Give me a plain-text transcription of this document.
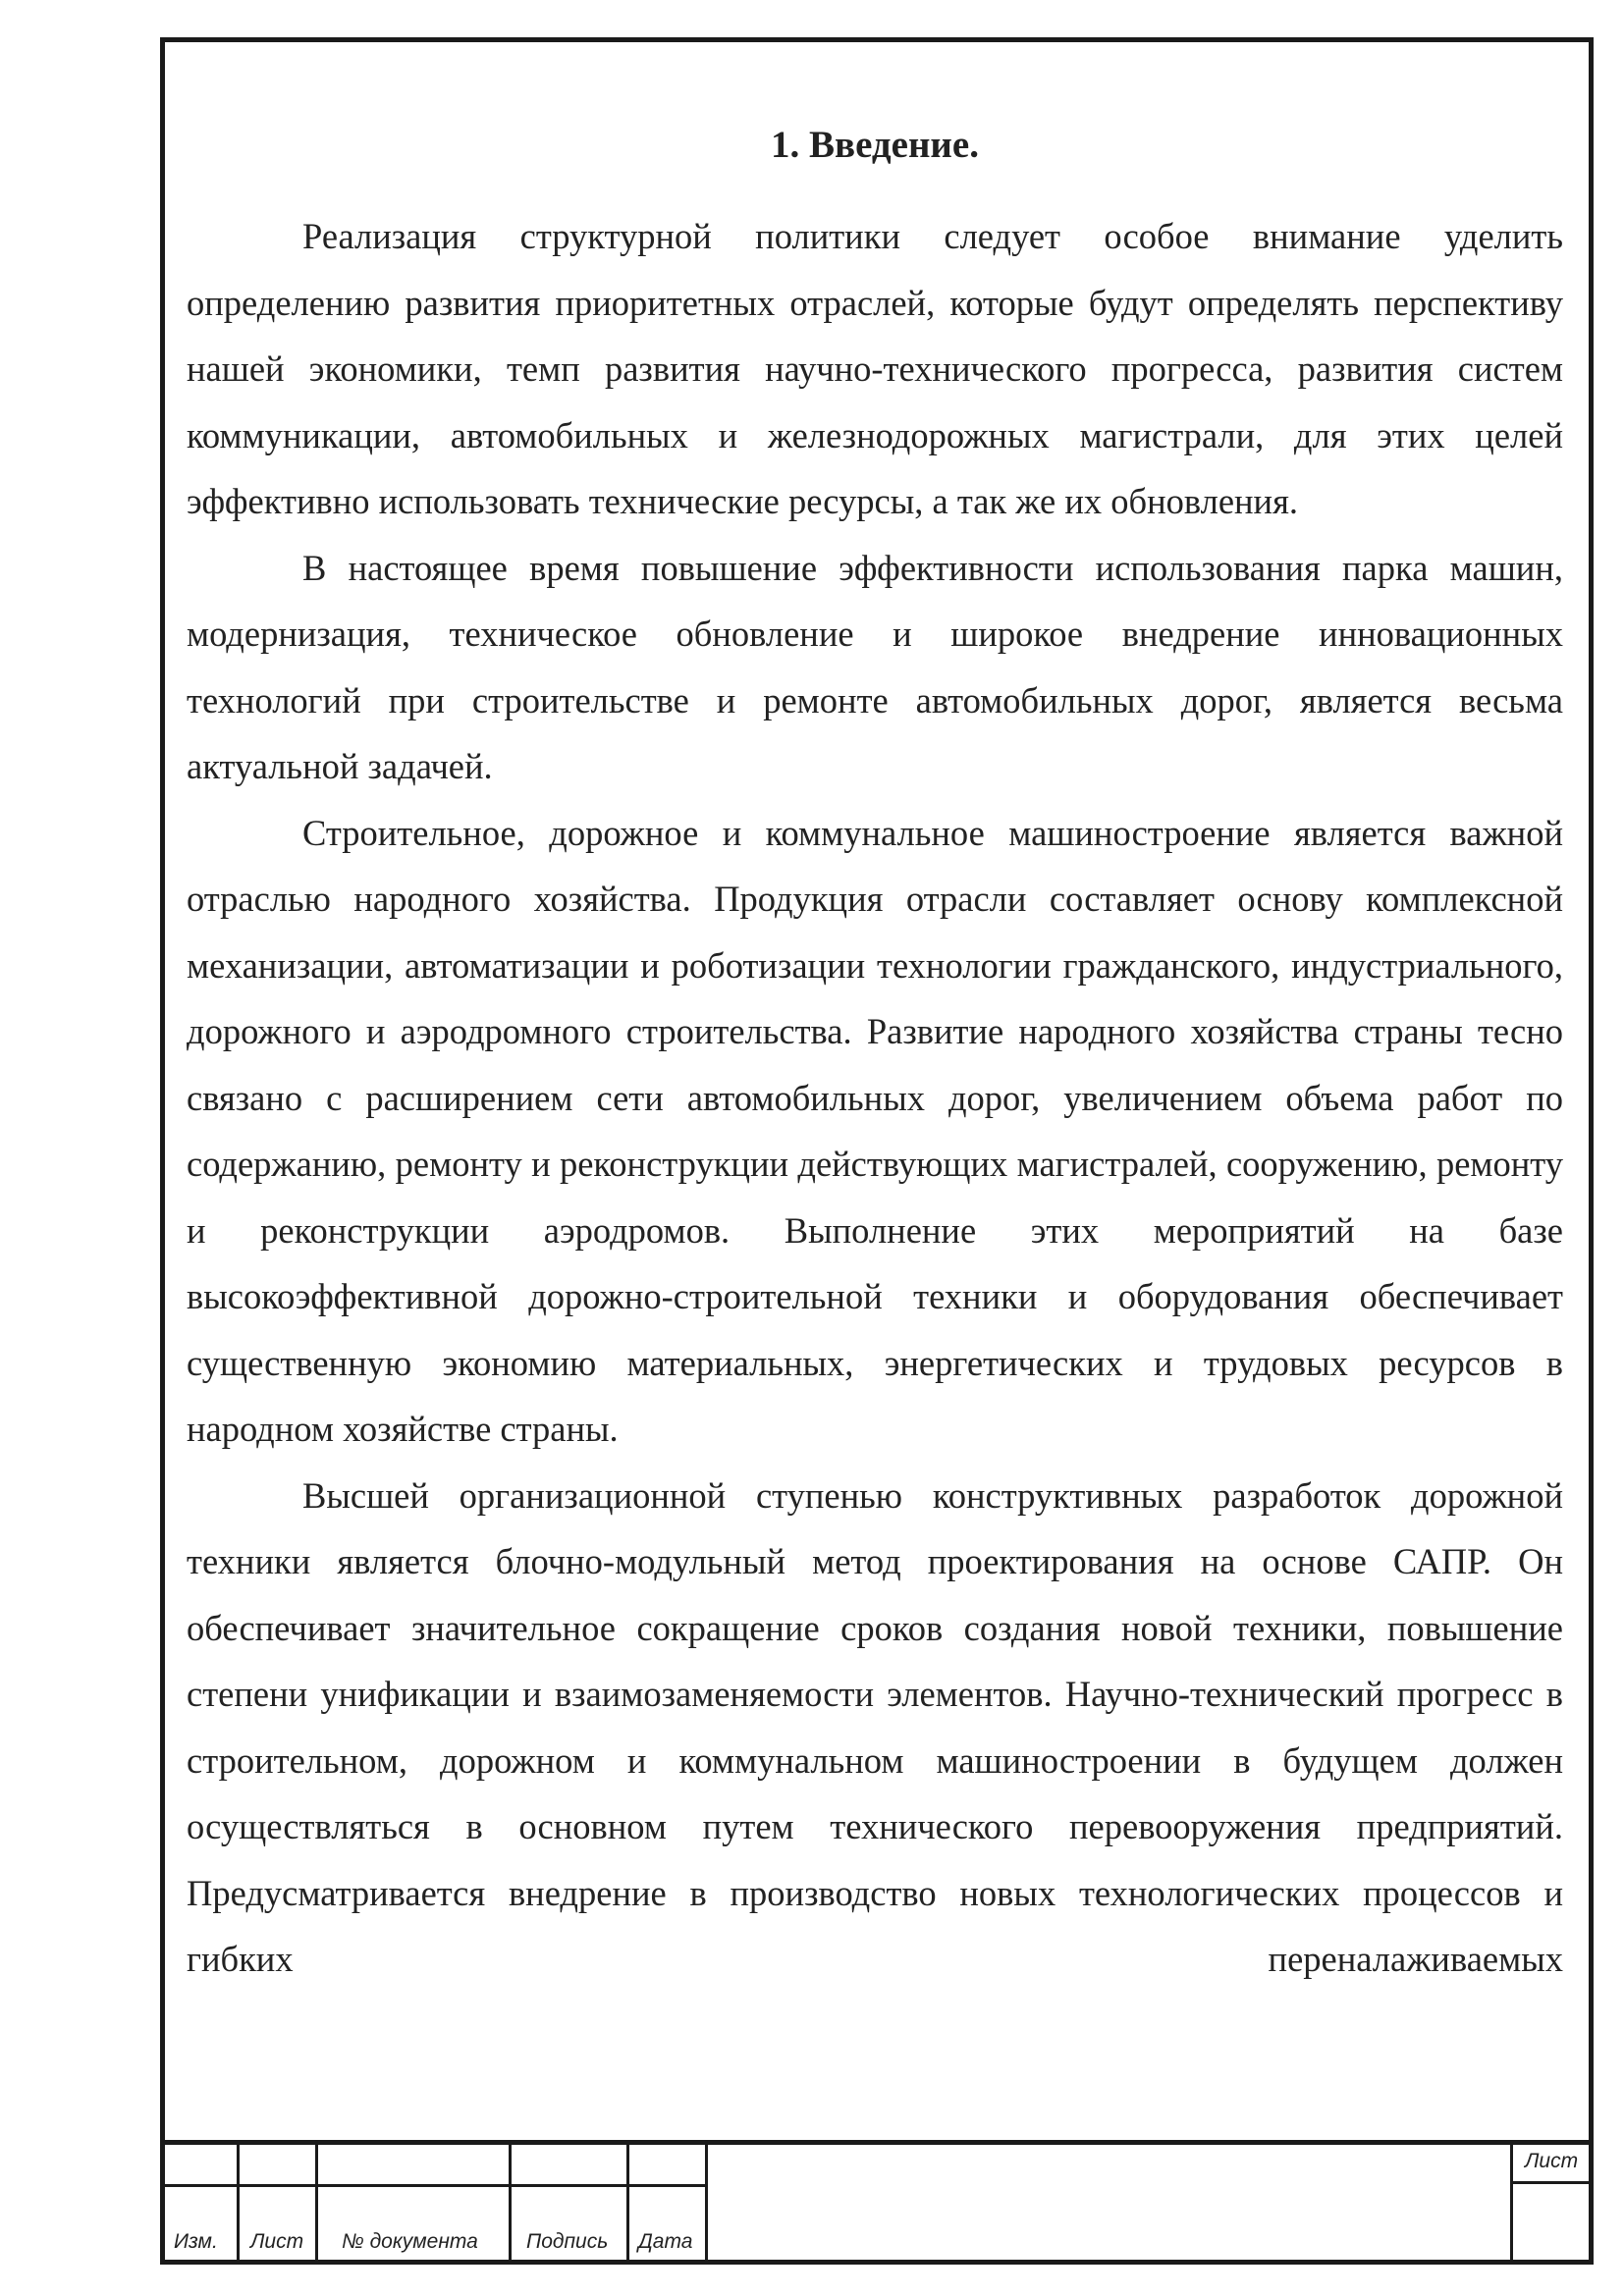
1. Введение.

Реализация структурной политики следует особое внимание уделить определению развития приоритетных отраслей, которые будут определять перспективу нашей экономики, темп развития научно-технического прогресса, развития систем коммуникации, автомобильных и железнодорожных магистрали, для этих целей эффективно использовать технические ресурсы, а так же их обновления.

В настоящее время повышение эффективности использования парка машин, модернизация, техническое обновление и широкое внедрение инновационных технологий при строительстве и ремонте автомобильных дорог, является весьма актуальной задачей.

Строительное, дорожное и коммунальное машиностроение является важной отраслью народного хозяйства. Продукция отрасли составляет основу комплексной механизации, автоматизации и роботизации технологии гражданского, индустриального, дорожного и аэродромного строительства. Развитие народного хозяйства страны тесно связано с расширением сети автомобильных дорог, увеличением объема работ по содержанию, ремонту и реконструкции действующих магистралей, сооружению, ремонту и реконструкции аэродромов. Выполнение этих мероприятий на базе высокоэффективной дорожно-строительной техники и оборудования обеспечивает существенную экономию материальных, энергетических и трудовых ресурсов в народном хозяйстве страны.

Высшей организационной ступенью конструктивных разработок дорожной техники является блочно-модульный метод проектирования на основе САПР. Он обеспечивает значительное сокращение сроков создания новой техники, повышение степени унификации и взаимозаменяемости элементов. Научно-технический прогресс в строительном, дорожном и коммунальном машиностроении в будущем должен осуществляться в основном путем технического перевооружения предприятий. Предусматривается внедрение в производство новых технологических процессов и гибких переналаживаемых

Изм. Лист № документа Подпись Дата
Лист
